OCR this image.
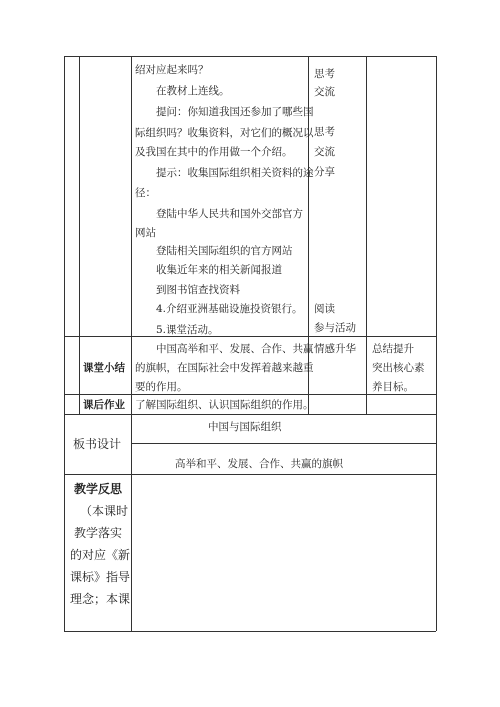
绍对应起来吗？
在教材上连线。
提问：你知道我国还参加了哪些国
际组织吗？收集资料，对它们的概况以
及我国在其中的作用做一个介绍。
提示：收集国际组织相关资料的途
径：
登陆中华人民共和国外交部官方
网站
登陆相关国际组织的官方网站
收集近年来的相关新闻报道
到图书馆查找资料
4.介绍亚洲基础设施投资银行。
5.课堂活动。
思考
交流
思考
交流
分享
阅读
参与活动
课堂小结
中国高举和平、发展、合作、共赢
的旗帜，在国际社会中发挥着越来越重
要的作用。
情感升华 总结提升
突出核心素
养目标。
课后作业 了解国际组织、认识国际组织的作用。
板书设计
中国与国际组织
高举和平、发展、合作、共赢的旗帜
教学反思
（本课时
教学落实
的对应《新
课标》指导
理念；本课
